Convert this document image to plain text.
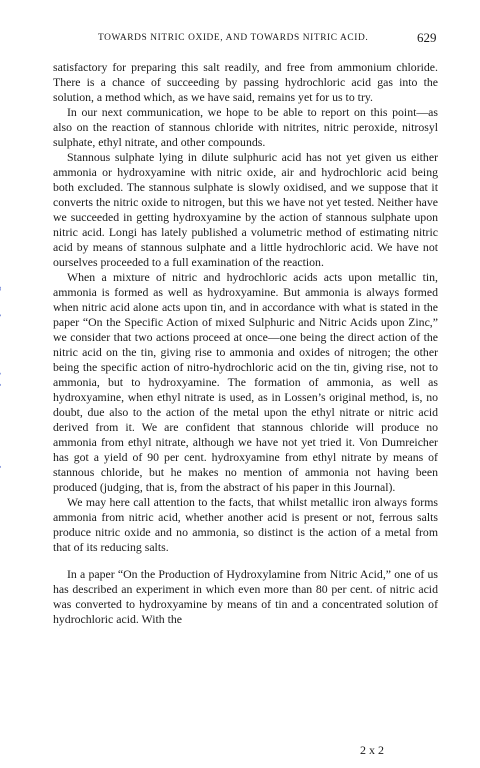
TOWARDS NITRIC OXIDE, AND TOWARDS NITRIC ACID.	629

satisfactory for preparing this salt readily, and free from ammonium chloride. There is a chance of succeeding by passing hydrochloric acid gas into the solution, a method which, as we have said, remains yet for us to try.

In our next communication, we hope to be able to report on this point—as also on the reaction of stannous chloride with nitrites, nitric peroxide, nitrosyl sulphate, ethyl nitrate, and other compounds.

Stannous sulphate lying in dilute sulphuric acid has not yet given us either ammonia or hydroxyamine with nitric oxide, air and hydrochloric acid being both excluded. The stannous sulphate is slowly oxidised, and we suppose that it converts the nitric oxide to nitrogen, but this we have not yet tested. Neither have we succeeded in getting hydroxyamine by the action of stannous sulphate upon nitric acid. Longi has lately published a volumetric method of estimating nitric acid by means of stannous sulphate and a little hydrochloric acid. We have not ourselves proceeded to a full examination of the reaction.

When a mixture of nitric and hydrochloric acids acts upon metallic tin, ammonia is formed as well as hydroxyamine. But ammonia is always formed when nitric acid alone acts upon tin, and in accordance with what is stated in the paper “On the Specific Action of mixed Sulphuric and Nitric Acids upon Zinc,” we consider that two actions proceed at once—one being the direct action of the nitric acid on the tin, giving rise to ammonia and oxides of nitrogen; the other being the specific action of nitro-hydrochloric acid on the tin, giving rise, not to ammonia, but to hydroxyamine. The formation of ammonia, as well as hydroxyamine, when ethyl nitrate is used, as in Lossen’s original method, is, no doubt, due also to the action of the metal upon the ethyl nitrate or nitric acid derived from it. We are confident that stannous chloride will produce no ammonia from ethyl nitrate, although we have not yet tried it. Von Dumreicher has got a yield of 90 per cent. hydroxyamine from ethyl nitrate by means of stannous chloride, but he makes no mention of ammonia not having been produced (judging, that is, from the abstract of his paper in this Journal).

We may here call attention to the facts, that whilst metallic iron always forms ammonia from nitric acid, whether another acid is present or not, ferrous salts produce nitric oxide and no ammonia, so distinct is the action of a metal from that of its reducing salts.

In a paper “On the Production of Hydroxylamine from Nitric Acid,” one of us has described an experiment in which even more than 80 per cent. of nitric acid was converted to hydroxyamine by means of tin and a concentrated solution of hydrochloric acid. With the

2 x 2
